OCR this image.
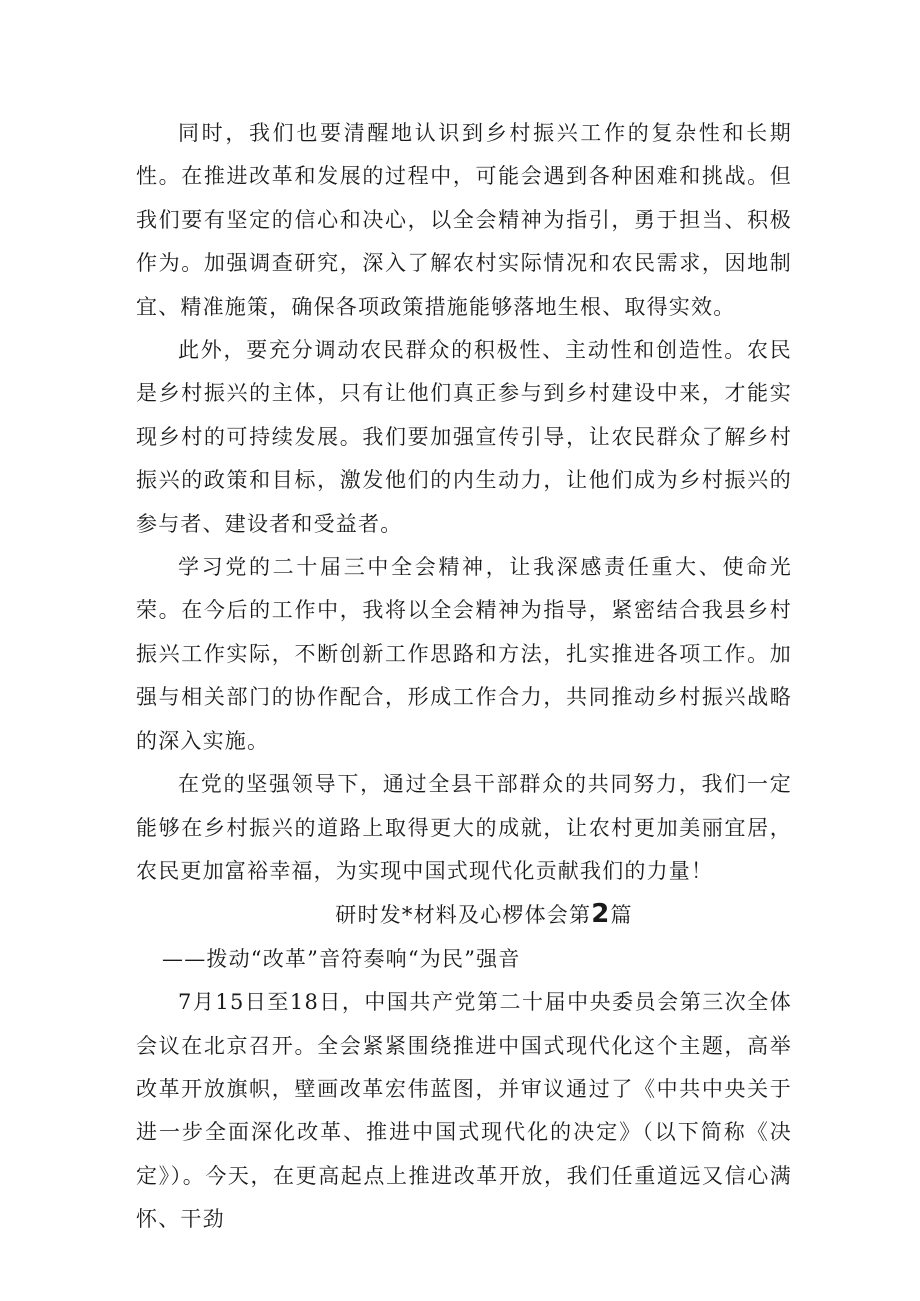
同时，我们也要清醒地认识到乡村振兴工作的复杂性和长期性。在推进改革和发展的过程中，可能会遇到各种困难和挑战。但我们要有坚定的信心和决心，以全会精神为指引，勇于担当、积极作为。加强调查研究，深入了解农村实际情况和农民需求，因地制宜、精准施策，确保各项政策措施能够落地生根、取得实效。

此外，要充分调动农民群众的积极性、主动性和创造性。农民是乡村振兴的主体，只有让他们真正参与到乡村建设中来，才能实现乡村的可持续发展。我们要加强宣传引导，让农民群众了解乡村振兴的政策和目标，激发他们的内生动力，让他们成为乡村振兴的参与者、建设者和受益者。

学习党的二十届三中全会精神，让我深感责任重大、使命光荣。在今后的工作中，我将以全会精神为指导，紧密结合我县乡村振兴工作实际，不断创新工作思路和方法，扎实推进各项工作。加强与相关部门的协作配合，形成工作合力，共同推动乡村振兴战略的深入实施。

在党的坚强领导下，通过全县干部群众的共同努力，我们一定能够在乡村振兴的道路上取得更大的成就，让农村更加美丽宜居，农民更加富裕幸福，为实现中国式现代化贡献我们的力量！

研时发*材料及心椤体会第2篇

——拨动“改革”音符奏响“为民”强音

7月15日至18日，中国共产党第二十届中央委员会第三次全体会议在北京召开。全会紧紧围绕推进中国式现代化这个主题，高举改革开放旗帜，壁画改革宏伟蓝图，并审议通过了《中共中央关于进一步全面深化改革、推进中国式现代化的决定》（以下简称《决定》）。今天，在更高起点上推进改革开放，我们任重道远又信心满怀、干劲
